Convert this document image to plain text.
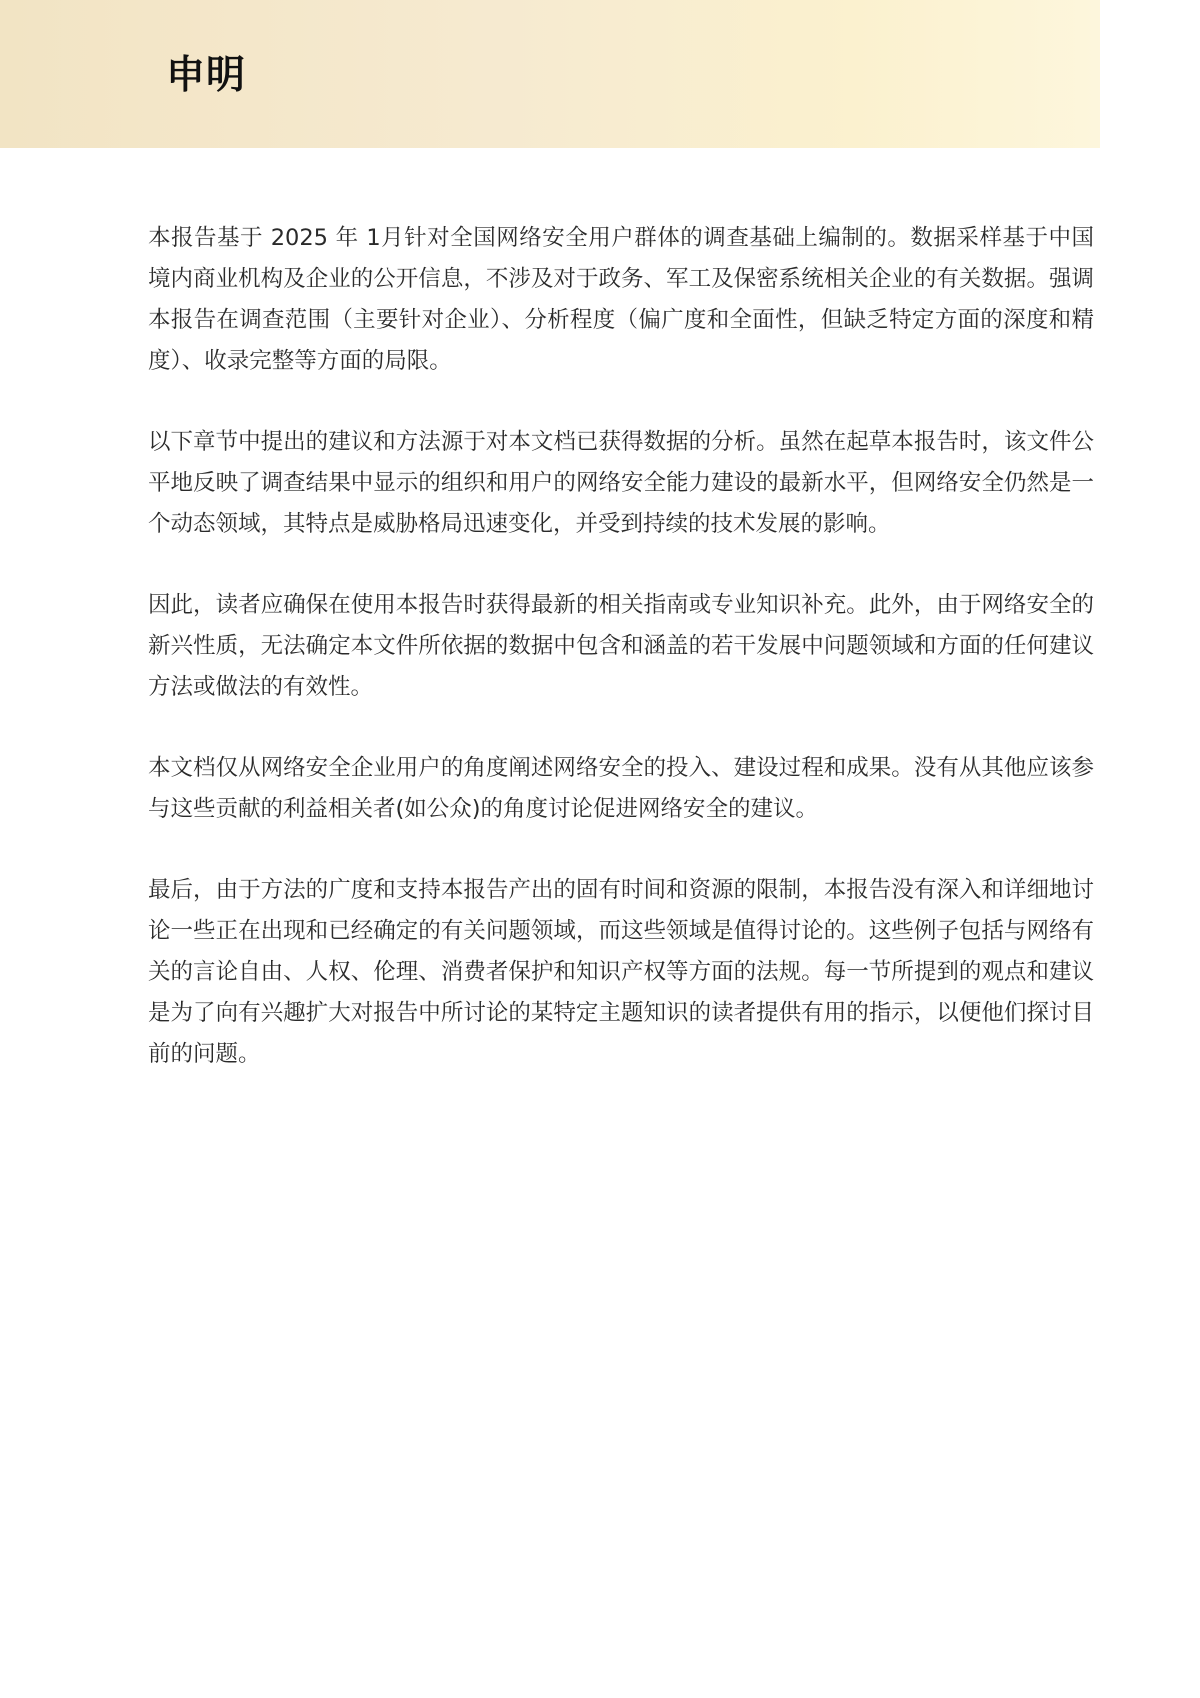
申明

本报告基于 2025 年 1月针对全国网络安全用户群体的调查基础上编制的。数据采样基于中国境内商业机构及企业的公开信息，不涉及对于政务、军工及保密系统相关企业的有关数据。强调本报告在调查范围（主要针对企业）、分析程度（偏广度和全面性，但缺乏特定方面的深度和精度）、收录完整等方面的局限。

以下章节中提出的建议和方法源于对本文档已获得数据的分析。虽然在起草本报告时，该文件公平地反映了调查结果中显示的组织和用户的网络安全能力建设的最新水平，但网络安全仍然是一个动态领域，其特点是威胁格局迅速变化，并受到持续的技术发展的影响。

因此，读者应确保在使用本报告时获得最新的相关指南或专业知识补充。此外，由于网络安全的新兴性质，无法确定本文件所依据的数据中包含和涵盖的若干发展中问题领域和方面的任何建议方法或做法的有效性。

本文档仅从网络安全企业用户的角度阐述网络安全的投入、建设过程和成果。没有从其他应该参与这些贡献的利益相关者(如公众)的角度讨论促进网络安全的建议。

最后，由于方法的广度和支持本报告产出的固有时间和资源的限制，本报告没有深入和详细地讨论一些正在出现和已经确定的有关问题领域，而这些领域是值得讨论的。这些例子包括与网络有关的言论自由、人权、伦理、消费者保护和知识产权等方面的法规。每一节所提到的观点和建议是为了向有兴趣扩大对报告中所讨论的某特定主题知识的读者提供有用的指示，以便他们探讨目前的问题。
